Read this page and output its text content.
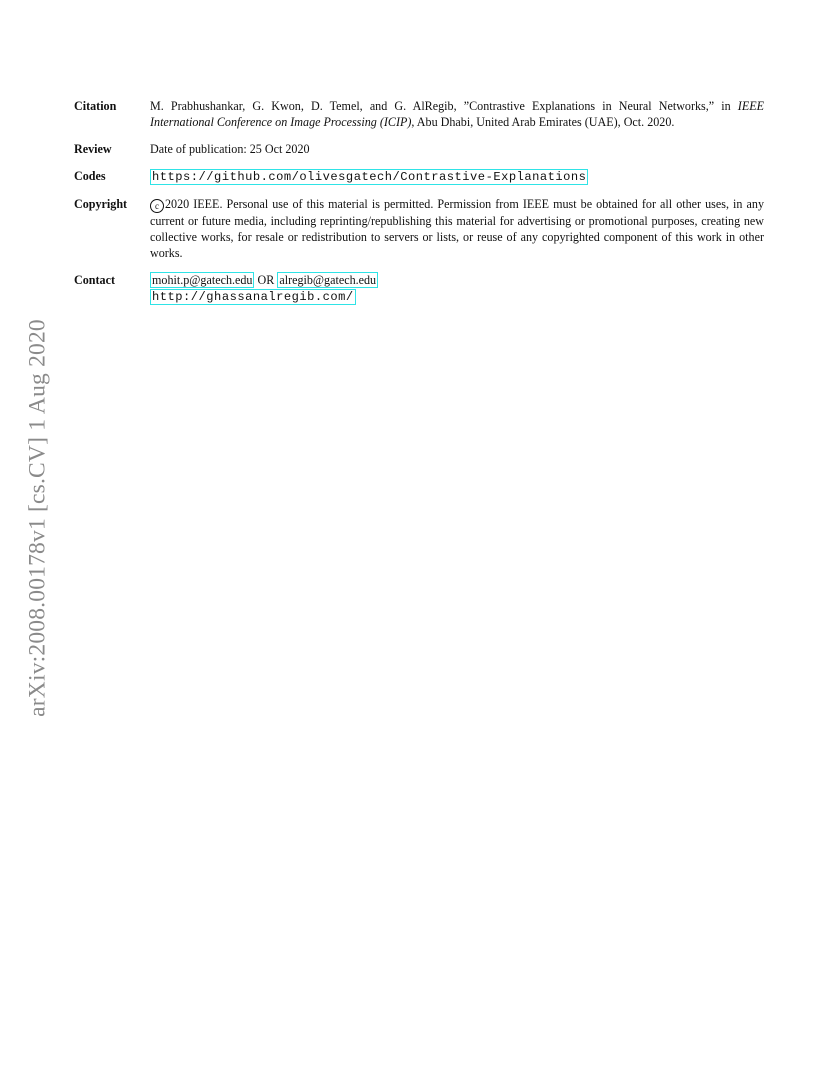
arXiv:2008.00178v1 [cs.CV] 1 Aug 2020
Citation	M. Prabhushankar, G. Kwon, D. Temel, and G. AlRegib, ”Contrastive Explanations in Neural Networks,” in IEEE International Conference on Image Processing (ICIP), Abu Dhabi, United Arab Emirates (UAE), Oct. 2020.
Review	Date of publication: 25 Oct 2020
Codes	https://github.com/olivesgatech/Contrastive-Explanations
Copyright	c 2020 IEEE. Personal use of this material is permitted. Permission from IEEE must be obtained for all other uses, in any current or future media, including reprinting/republishing this material for advertising or promotional purposes, creating new collective works, for resale or redistribution to servers or lists, or reuse of any copyrighted component of this work in other works.
Contact	mohit.p@gatech.edu OR alregib@gatech.edu
http://ghassanalregib.com/
